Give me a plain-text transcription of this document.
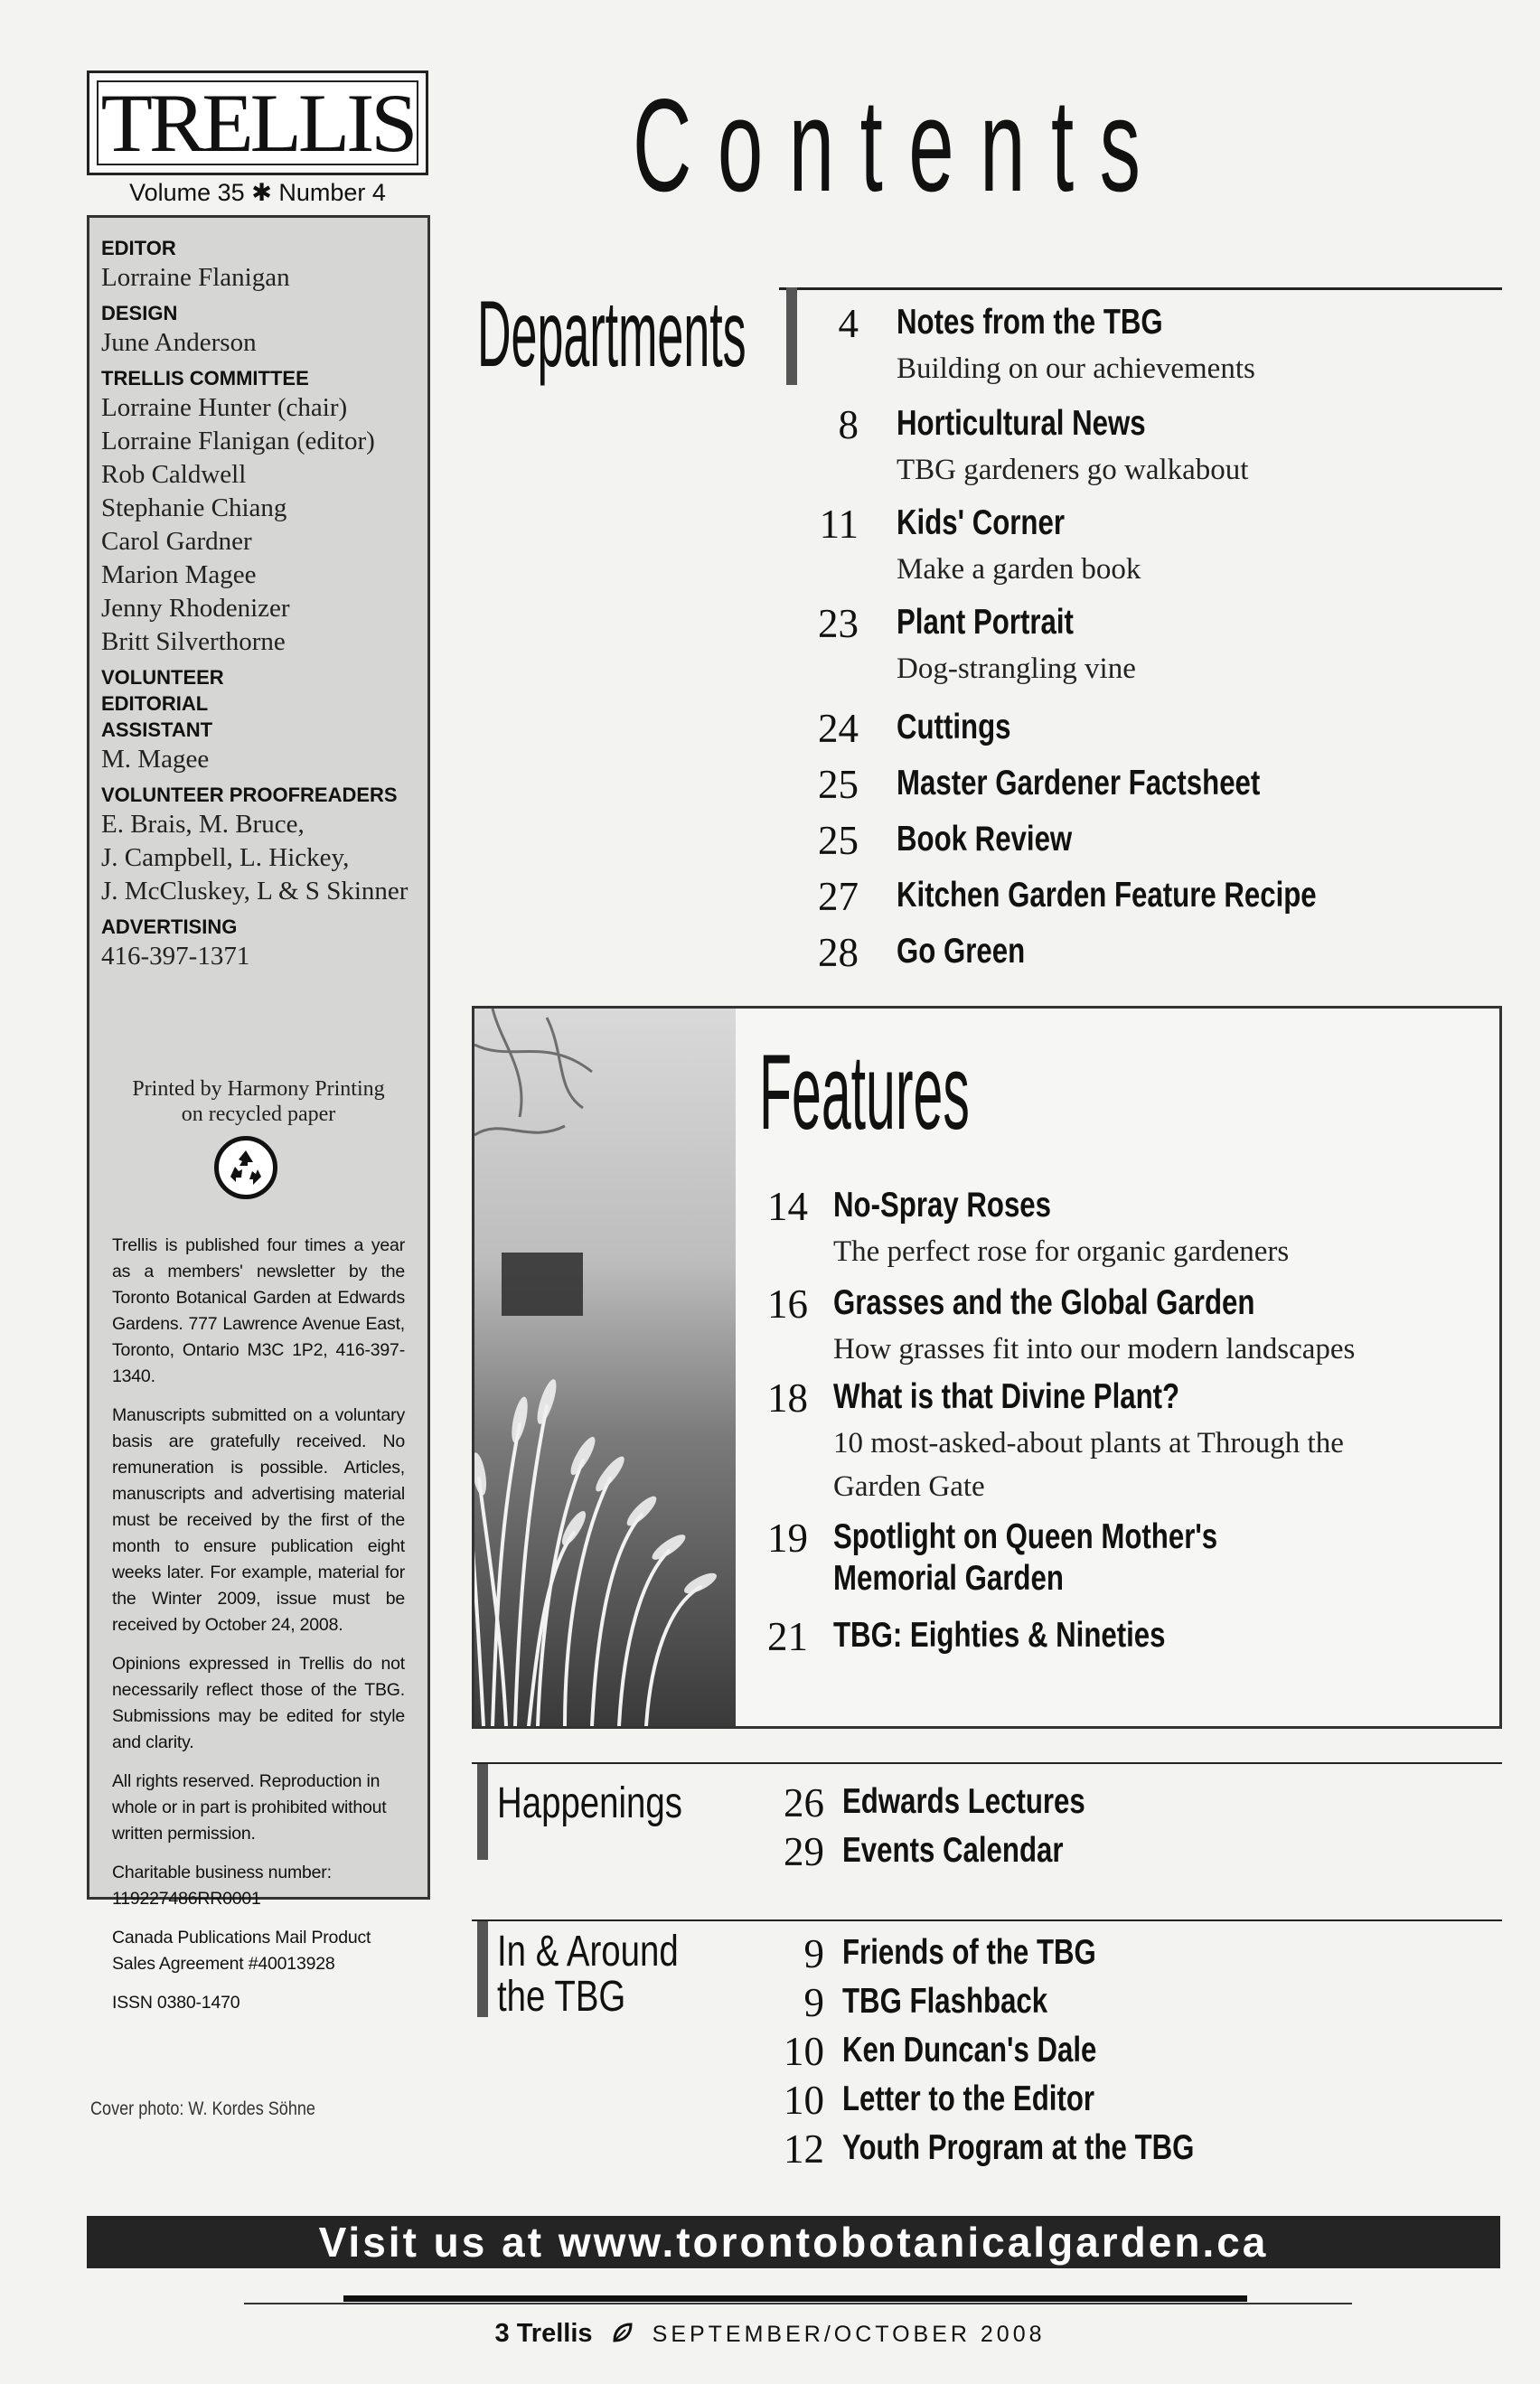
TRELLIS
Volume 35 ✱ Number 4
EDITOR
Lorraine Flanigan
DESIGN
June Anderson
TRELLIS COMMITTEE
Lorraine Hunter (chair)
Lorraine Flanigan (editor)
Rob Caldwell
Stephanie Chiang
Carol Gardner
Marion Magee
Jenny Rhodenizer
Britt Silverthorne
VOLUNTEER EDITORIAL ASSISTANT
M. Magee
VOLUNTEER PROOFREADERS
E. Brais, M. Bruce,
J. Campbell, L. Hickey,
J. McCluskey, L & S Skinner
ADVERTISING
416-397-1371
Printed by Harmony Printing
on recycled paper

Trellis is published four times a year as a members' newsletter by the Toronto Botanical Garden at Edwards Gardens. 777 Lawrence Avenue East, Toronto, Ontario M3C 1P2, 416-397-1340.

Manuscripts submitted on a voluntary basis are gratefully received. No remuneration is possible. Articles, manuscripts and advertising material must be received by the first of the month to ensure publication eight weeks later. For example, material for the Winter 2009, issue must be received by October 24, 2008.

Opinions expressed in Trellis do not necessarily reflect those of the TBG. Submissions may be edited for style and clarity.

All rights reserved. Reproduction in whole or in part is prohibited without written permission.

Charitable business number: 119227486RR0001

Canada Publications Mail Product Sales Agreement #40013928

ISSN 0380-1470

Cover photo: W. Kordes Söhne
Contents
Departments	4 Notes from the TBG
Building on our achievements
8 Horticultural News
TBG gardeners go walkabout
11 Kids' Corner
Make a garden book
23 Plant Portrait
Dog-strangling vine
24 Cuttings
25 Master Gardener Factsheet
25 Book Review
27 Kitchen Garden Feature Recipe
28 Go Green
Features
14 No-Spray Roses
The perfect rose for organic gardeners
16 Grasses and the Global Garden
How grasses fit into our modern landscapes
18 What is that Divine Plant?
10 most-asked-about plants at Through the
Garden Gate
19 Spotlight on Queen Mother's
Memorial Garden
21 TBG: Eighties & Nineties
Happenings	26 Edwards Lectures
29 Events Calendar
In & Around
the TBG
9 Friends of the TBG
9 TBG Flashback
10 Ken Duncan's Dale
10 Letter to the Editor
12 Youth Program at the TBG
Visit us at www.torontobotanicalgarden.ca
3 Trellis	SEPTEMBER/OCTOBER 2008
